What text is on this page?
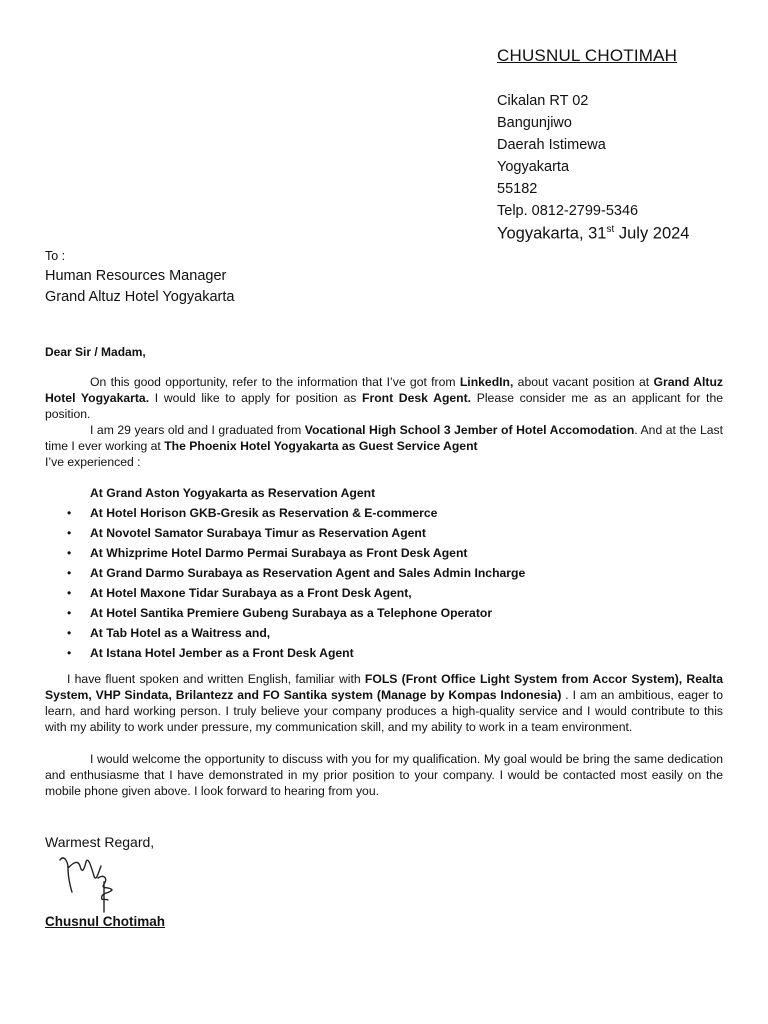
CHUSNUL CHOTIMAH
Cikalan RT 02
Bangunjiwo
Daerah Istimewa
Yogyakarta
55182
Telp. 0812-2799-5346
Yogyakarta, 31st July 2024
To :
Human Resources Manager
Grand Altuz Hotel Yogyakarta
Dear Sir / Madam,
On this good opportunity, refer to the information that I’ve got from LinkedIn, about vacant position at Grand Altuz Hotel Yogyakarta. I would like to apply for position as Front Desk Agent. Please consider me as an applicant for the position.
I am 29 years old and I graduated from Vocational High School 3 Jember of Hotel Accomodation. And at the Last time I ever working at The Phoenix Hotel Yogyakarta as Guest Service Agent
I’ve experienced :
At Grand Aston Yogyakarta as Reservation Agent
• At Hotel Horison GKB-Gresik as Reservation & E-commerce
• At Novotel Samator Surabaya Timur as Reservation Agent
• At Whizprime Hotel Darmo Permai Surabaya as Front Desk Agent
• At Grand Darmo Surabaya as Reservation Agent and Sales Admin Incharge
• At Hotel Maxone Tidar Surabaya as a Front Desk Agent,
• At Hotel Santika Premiere Gubeng Surabaya as a Telephone Operator
• At Tab Hotel as a Waitress and,
• At Istana Hotel Jember as a Front Desk Agent
I have fluent spoken and written English, familiar with FOLS (Front Office Light System from Accor System), Realta System, VHP Sindata, Brilantezz and FO Santika system (Manage by Kompas Indonesia) . I am an ambitious, eager to learn, and hard working person. I truly believe your company produces a high-quality service and I would contribute to this with my ability to work under pressure, my communication skill, and my ability to work in a team environment.
I would welcome the opportunity to discuss with you for my qualification. My goal would be bring the same dedication and enthusiasme that I have demonstrated in my prior position to your company. I would be contacted most easily on the mobile phone given above. I look forward to hearing from you.
Warmest Regard,
Chusnul Chotimah
